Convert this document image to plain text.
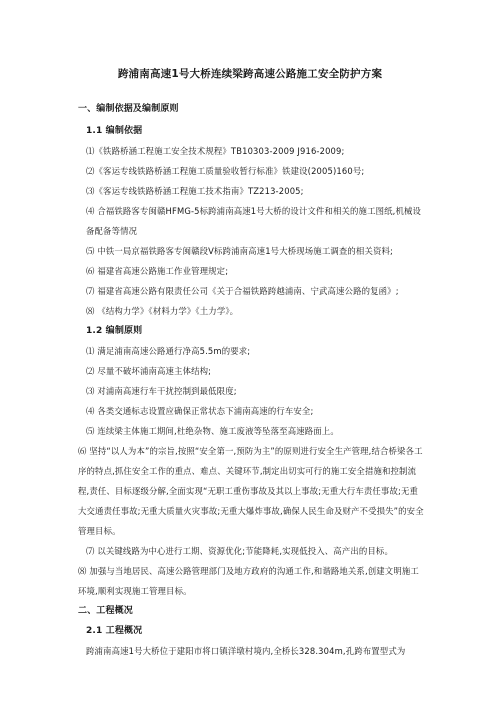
跨浦南高速1号大桥连续梁跨高速公路施工安全防护方案
一、编制依据及编制原则
1.1 编制依据
⑴《铁路桥涵工程施工安全技术规程》TB10303-2009 J916-2009;
⑵《客运专线铁路桥涵工程施工质量验收暂行标准》铁建设(2005)160号;
⑶《客运专线铁路桥涵工程施工技术指南》TZ213-2005;
⑷ 合福铁路客专闽赣HFMG-5标跨浦南高速1号大桥的设计文件和相关的施工图纸,机械设备配备等情况
⑸ 中铁一局京福铁路客专闽赣段Ⅴ标跨浦南高速1号大桥现场施工调查的相关资料;
⑹ 福建省高速公路施工作业管理规定;
⑺ 福建省高速公路有限责任公司《关于合福铁路跨越浦南、宁武高速公路的复函》;
⑻ 《结构力学》《材料力学》《土力学》。
1.2 编制原则
⑴ 满足浦南高速公路通行净高5.5m的要求;
⑵ 尽量不破坏浦南高速主体结构;
⑶ 对浦南高速行车干扰控制到最低限度;
⑷ 各类交通标志设置应确保正常状态下浦南高速的行车安全;
⑸ 连续梁主体施工期间,杜绝杂物、施工废液等坠落至高速路面上。
⑹ 坚持“以人为本”的宗旨,按照“安全第一,预防为主”的原则进行安全生产管理,结合桥梁各工序的特点,抓住安全工作的重点、难点、关键环节,制定出切实可行的施工安全措施和控制流程,责任、目标逐级分解,全面实现“无职工重伤事故及其以上事故;无重大行车责任事故;无重大交通责任事故;无重大质量火灾事故;无重大爆炸事故,确保人民生命及财产不受损失”的安全管理目标。
⑺ 以关键线路为中心进行工期、资源优化;节能降耗,实现低投入、高产出的目标。
⑻ 加强与当地居民、高速公路管理部门及地方政府的沟通工作,和谐路地关系,创建文明施工环境,顺利实现施工管理目标。
二、工程概况
2.1 工程概况
跨浦南高速1号大桥位于建阳市将口镇洋墩村境内,全桥长328.304m,孔跨布置型式为
